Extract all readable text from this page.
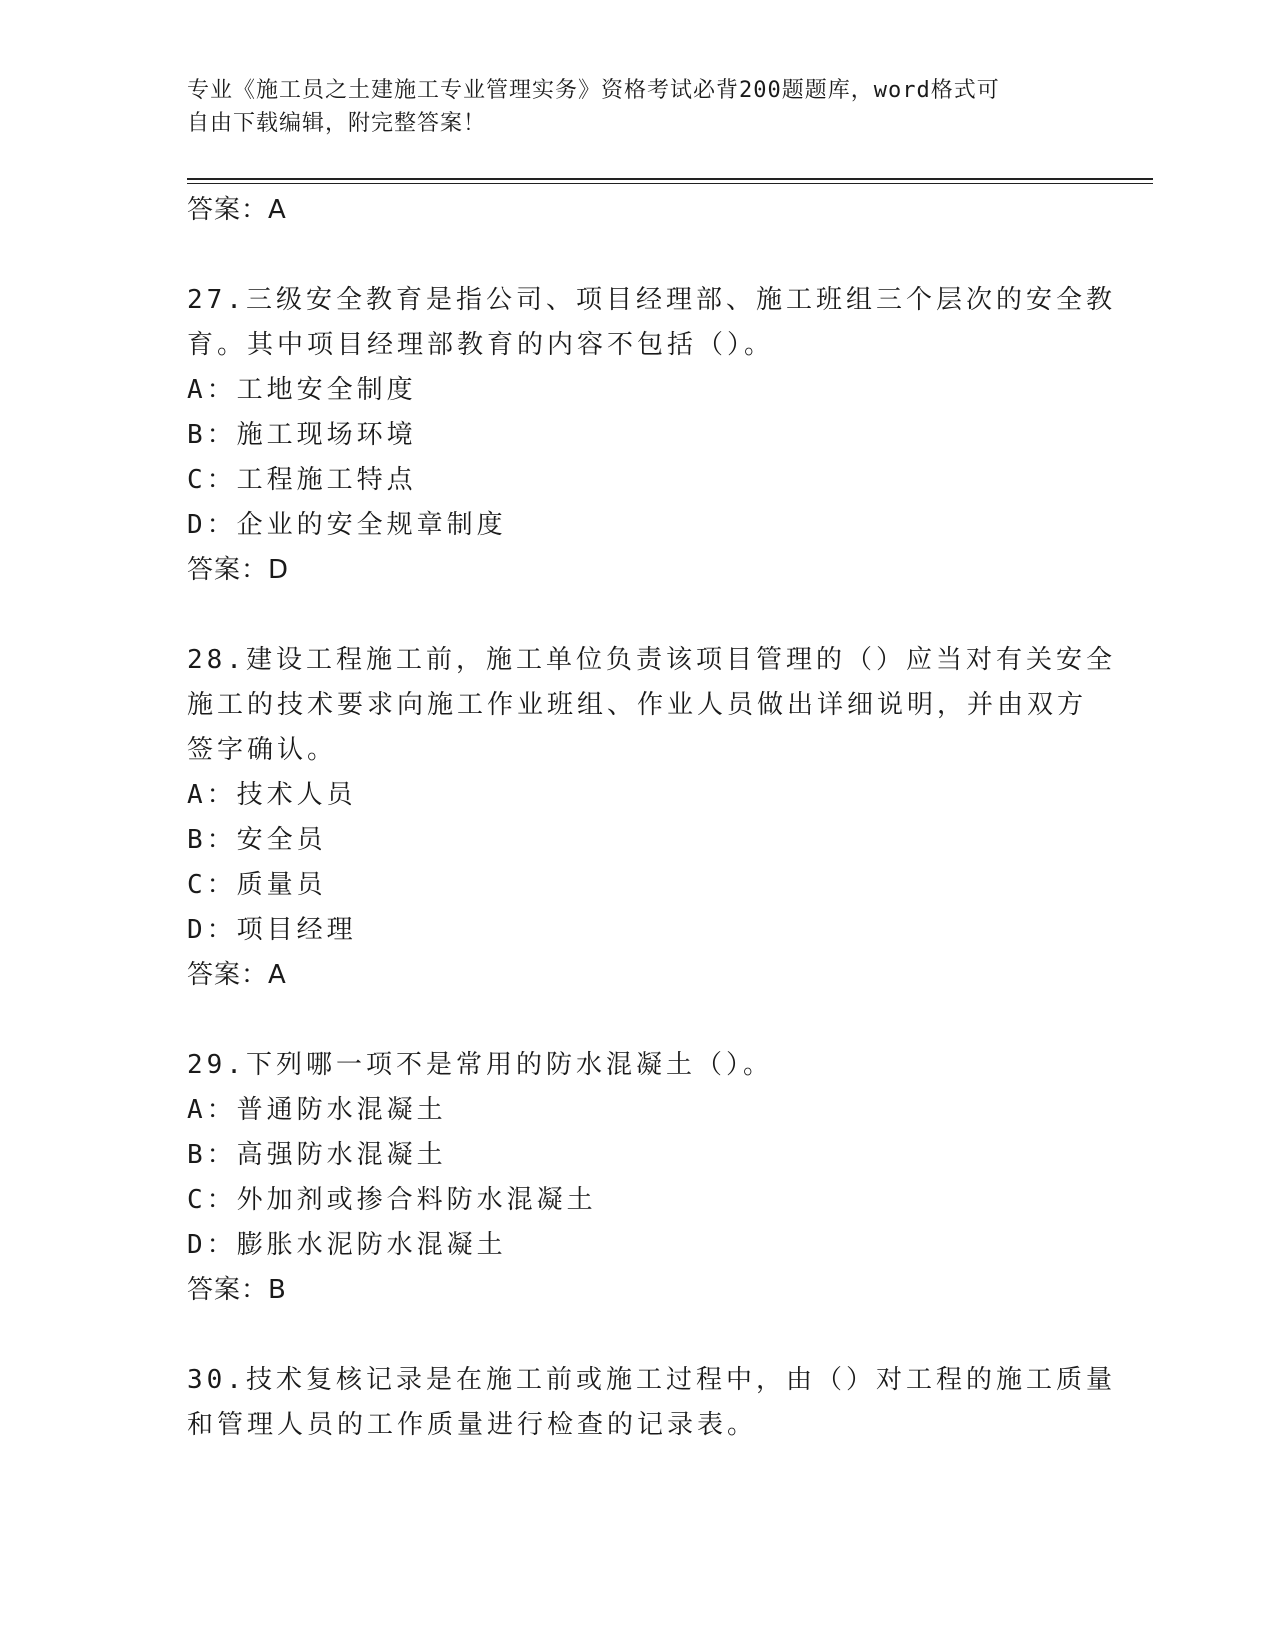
专业《施工员之土建施工专业管理实务》资格考试必背200题题库，word格式可
自由下载编辑，附完整答案！
答案：A
27.三级安全教育是指公司、项目经理部、施工班组三个层次的安全教
育。其中项目经理部教育的内容不包括（）。
A：工地安全制度
B：施工现场环境
C：工程施工特点
D：企业的安全规章制度
答案：D
28.建设工程施工前，施工单位负责该项目管理的（）应当对有关安全
施工的技术要求向施工作业班组、作业人员做出详细说明，并由双方
签字确认。
A：技术人员
B：安全员
C：质量员
D：项目经理
答案：A
29.下列哪一项不是常用的防水混凝土（）。
A：普通防水混凝土
B：高强防水混凝土
C：外加剂或掺合料防水混凝土
D：膨胀水泥防水混凝土
答案：B
30.技术复核记录是在施工前或施工过程中，由（）对工程的施工质量
和管理人员的工作质量进行检查的记录表。
